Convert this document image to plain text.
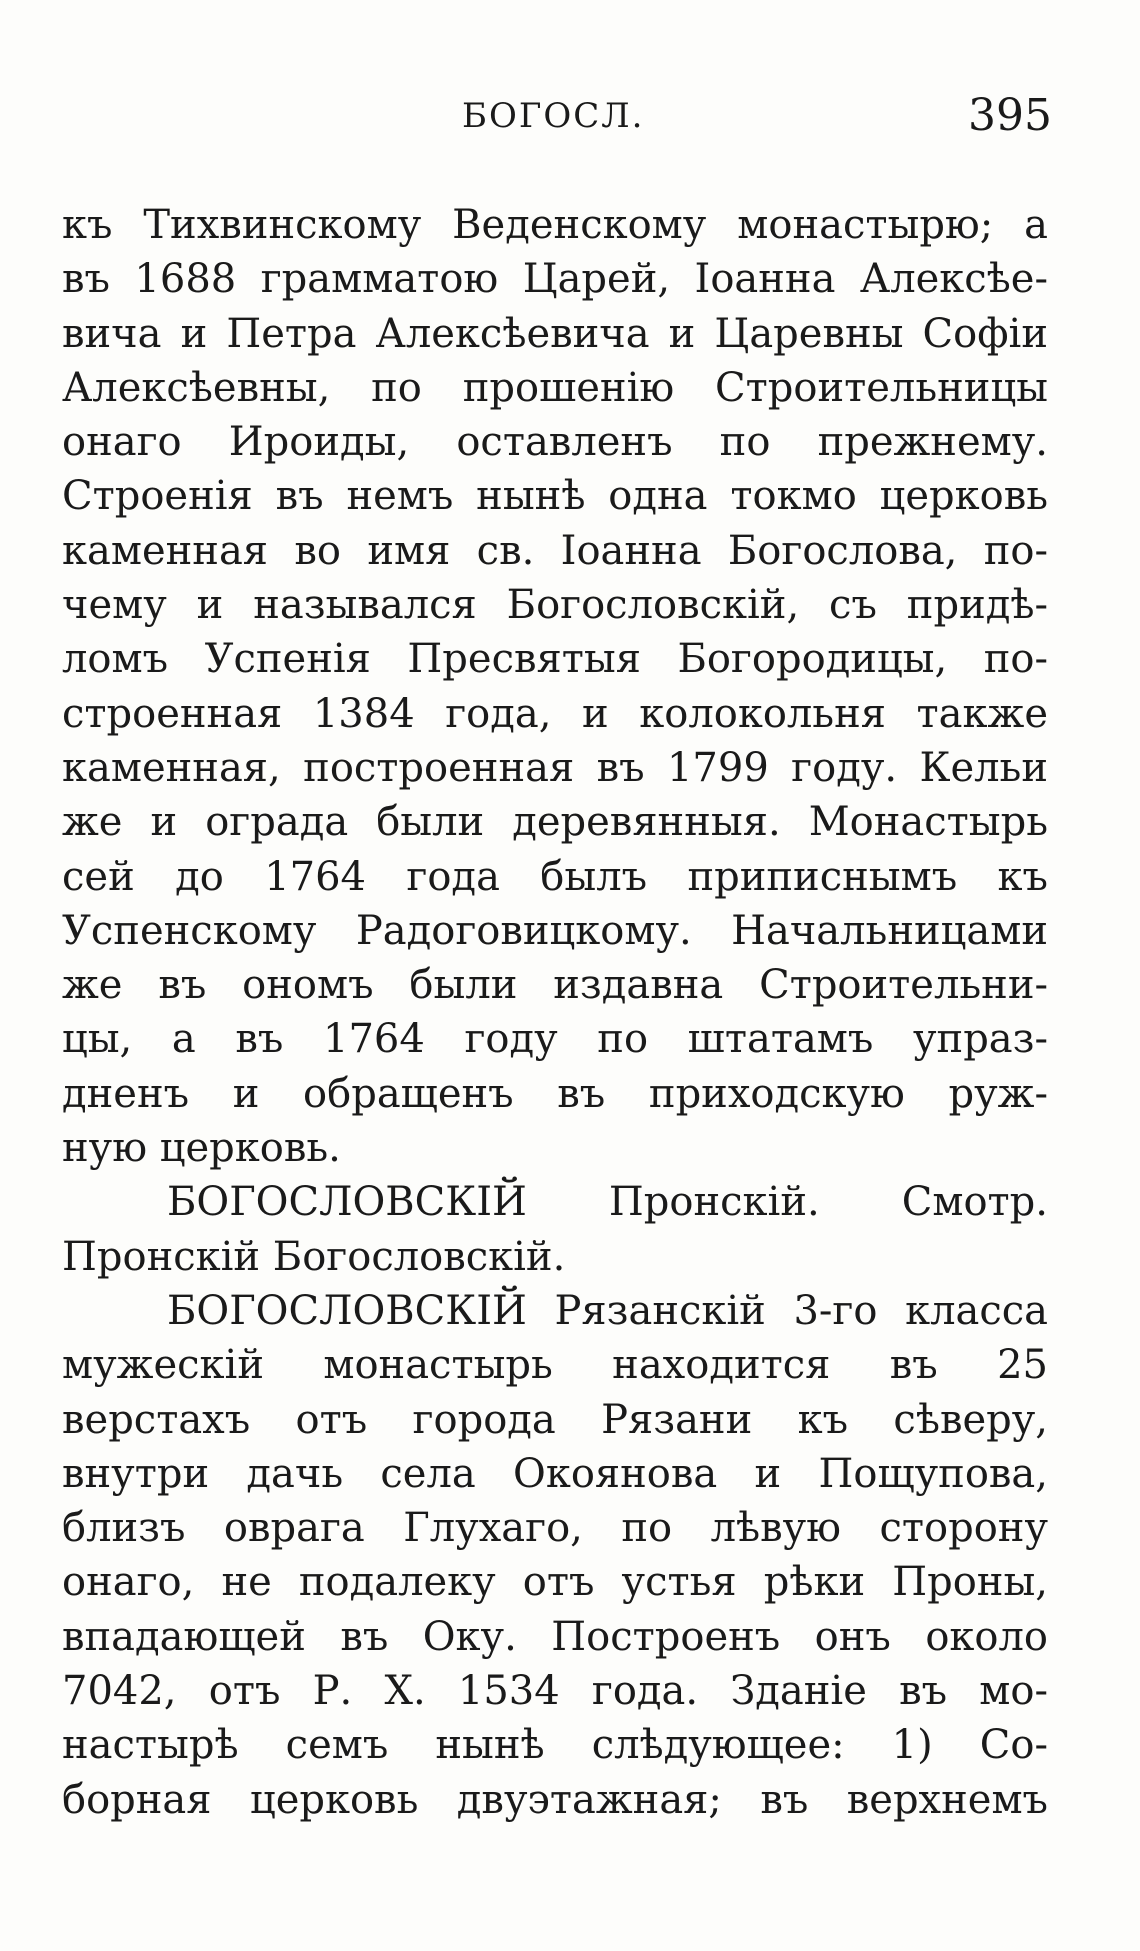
БОГОСЛ.	395
къ Тихвинскому Веденскому монастырю; а
въ 1688 грамматою Царей, Іоанна Алексѣе-
вича и Петра Алексѣевича и Царевны Софіи
Алексѣевны, по прошенію Строительницы
онаго Ироиды, оставленъ по прежнему.
Строенія въ немъ нынѣ одна токмо церковь
каменная во имя св. Іоанна Богослова, по-
чему и назывался Богословскій, съ придѣ-
ломъ Успенія Пресвятыя Богородицы, по-
строенная 1384 года, и колокольня также
каменная, построенная въ 1799 году. Кельи
же и ограда были деревянныя. Монастырь
сей до 1764 года былъ приписнымъ къ
Успенскому Радоговицкому. Начальницами
же въ ономъ были издавна Строительни-
цы, а въ 1764 году по штатамъ упраз-
дненъ и обращенъ въ приходскую руж-
ную церковь.
БОГОСЛОВСКІЙ Пронскій. Смотр.
Пронскій Богословскій.
БОГОСЛОВСКІЙ Рязанскій 3-го класса
мужескій монастырь находится въ 25
верстахъ отъ города Рязани къ сѣверу,
внутри дачь села Окоянова и Пощупова,
близъ оврага Глухаго, по лѣвую сторону
онаго, не подалеку отъ устья рѣки Проны,
впадающей въ Оку. Построенъ онъ около
7042, отъ Р. Х. 1534 года. Зданіе въ мо-
настырѣ семъ нынѣ слѣдующее: 1) Со-
борная церковь двуэтажная; въ верхнемъ
